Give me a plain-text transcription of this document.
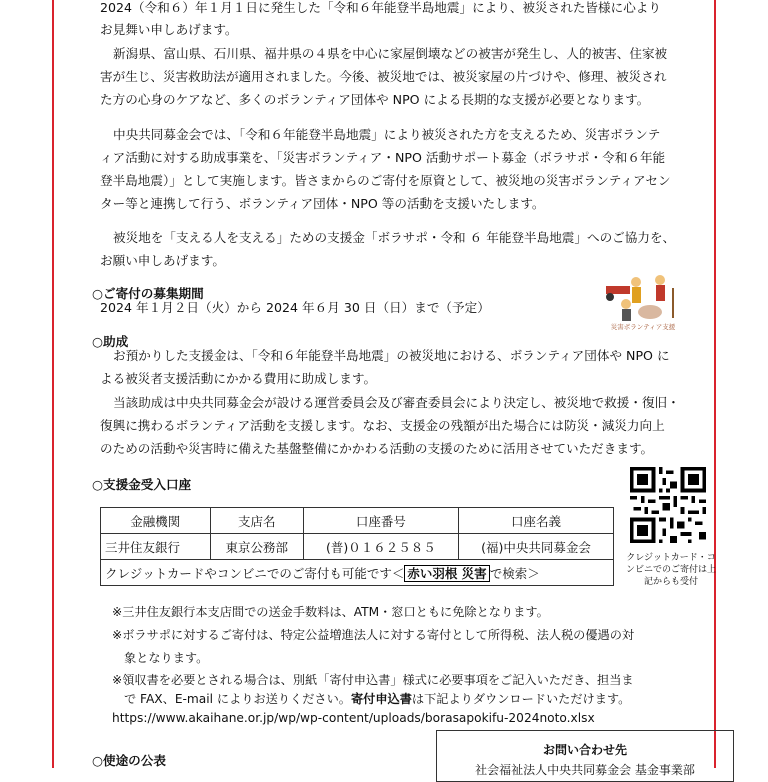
2024（令和６）年１月１日に発生した「令和６年能登半島地震」により、被災された皆様に心より

お見舞い申しあげます。

新潟県、富山県、石川県、福井県の４県を中心に家屋倒壊などの被害が発生し、人的被害、住家被

害が生じ、災害救助法が適用されました。今後、被災地では、被災家屋の片づけや、修理、被災され

た方の心身のケアなど、多くのボランティア団体や NPO による長期的な支援が必要となります。

中央共同募金会では、「令和６年能登半島地震」により被災された方を支えるため、災害ボランテ

ィア活動に対する助成事業を、「災害ボランティア・NPO 活動サポート募金（ボラサポ・令和６年能

登半島地震）」として実施します。皆さまからのご寄付を原資として、被災地の災害ボランティアセン

ター等と連携して行う、ボランティア団体・NPO 等の活動を支援いたします。

被災地を「支える人を支える」ための支援金「ボラサポ・令和 ６ 年能登半島地震」へのご協力を、

お願い申しあげます。

○ご寄付の募集期間

2024 年１月２日（火）から 2024 年６月 30 日（日）まで（予定）

災害ボランティア支援

○助成

お預かりした支援金は、「令和６年能登半島地震」の被災地における、ボランティア団体や NPO に

よる被災者支援活動にかかる費用に助成します。

当該助成は中央共同募金会が設ける運営委員会及び審査委員会により決定し、被災地で救援・復旧・

復興に携わるボランティア活動を支援します。なお、支援金の残額が出た場合には防災・減災力向上

のための活動や災害時に備えた基盤整備にかかわる活動の支援のために活用させていただきます。

○支援金受入口座

金融機関	支店名	口座番号	口座名義
三井住友銀行	東京公務部	(普)０１６２５８５	(福)中央共同募金会
クレジットカードやコンビニでのご寄付も可能です＜ 赤い羽根 災害 で検索＞			
クレジットカード・コンビニでのご寄付は上記からも受付

※三井住友銀行本支店間での送金手数料は、ATM・窓口ともに免除となります。

※ボラサポに対するご寄付は、特定公益増進法人に対する寄付として所得税、法人税の優遇の対

象となります。

※領収書を必要とされる場合は、別紙「寄付申込書」様式に必要事項をご記入いただき、担当ま

で FAX、E-mail によりお送りください。寄付申込書は下記よりダウンロードいただけます。

https://www.akaihane.or.jp/wp/wp-content/uploads/borasapokifu-2024noto.xlsx

○使途の公表

お問い合わせ先
社会福祉法人中央共同募金会 基金事業部
